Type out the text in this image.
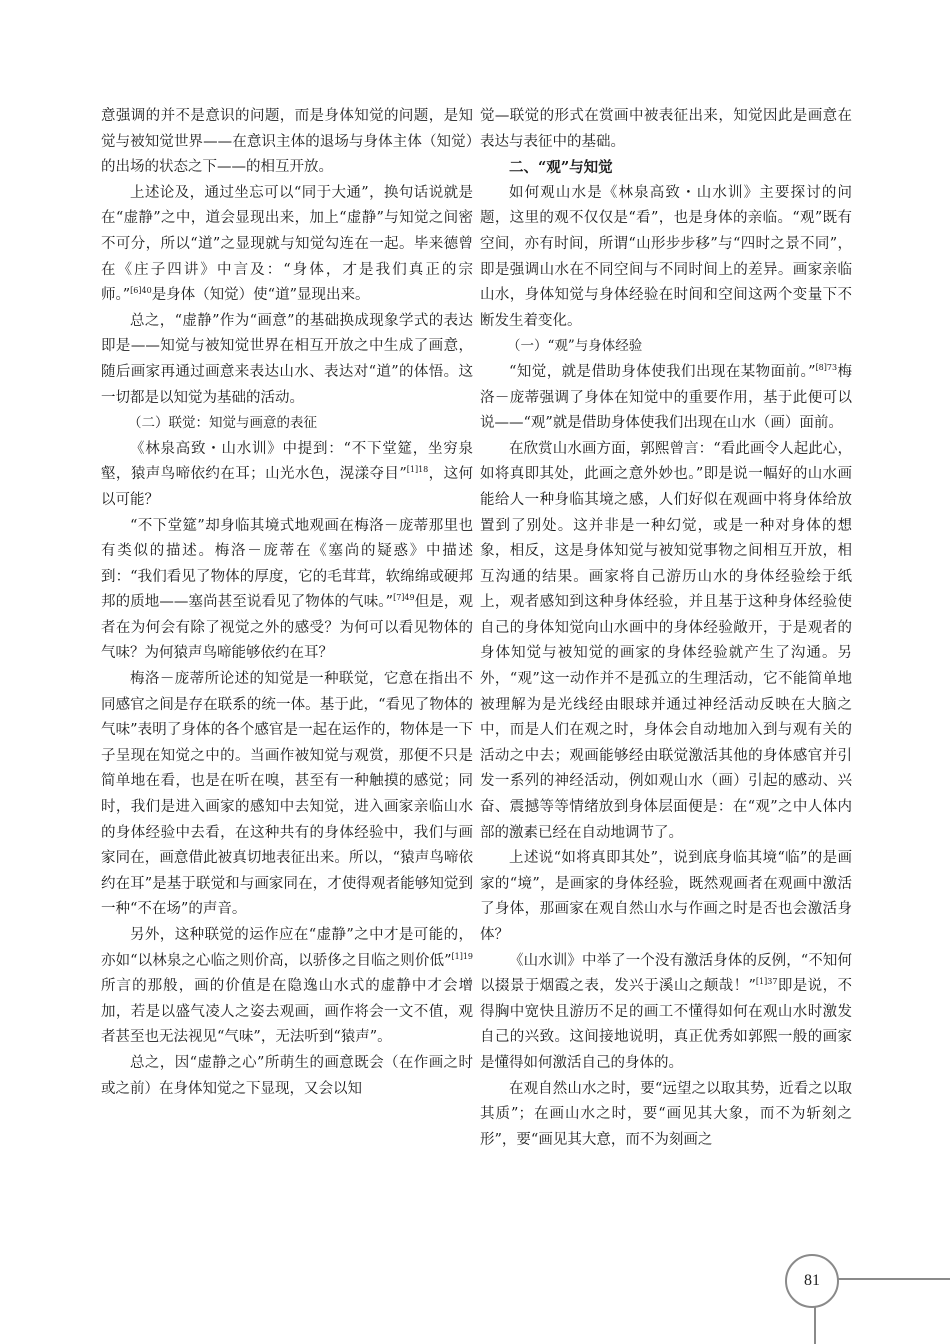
意强调的并不是意识的问题，而是身体知觉的问题，是知觉与被知觉世界——在意识主体的退场与身体主体（知觉）的出场的状态之下——的相互开放。

上述论及，通过坐忘可以“同于大通”，换句话说就是在“虚静”之中，道会显现出来，加上“虚静”与知觉之间密不可分，所以“道”之显现就与知觉勾连在一起。毕来德曾在《庄子四讲》中言及：“身体，才是我们真正的宗师。”$^{[6]40}$是身体（知觉）使“道”显现出来。

总之，“虚静”作为“画意”的基础换成现象学式的表达即是——知觉与被知觉世界在相互开放之中生成了画意，随后画家再通过画意来表达山水、表达对“道”的体悟。这一切都是以知觉为基础的活动。

（二）联觉：知觉与画意的表征

《林泉高致・山水训》中提到：“不下堂筵，坐穷泉壑，猿声鸟啼依约在耳；山光水色，滉漾夺目”$^{[1]18}$，这何以可能？

“不下堂筵”却身临其境式地观画在梅洛－庞蒂那里也有类似的描述。梅洛－庞蒂在《塞尚的疑惑》中描述到：“我们看见了物体的厚度，它的毛茸茸，软绵绵或硬邦邦的质地——塞尚甚至说看见了物体的气味。”$^{[7]49}$但是，观者在为何会有除了视觉之外的感受？为何可以看见物体的气味？为何猿声鸟啼能够依约在耳？

梅洛－庞蒂所论述的知觉是一种联觉，它意在指出不同感官之间是存在联系的统一体。基于此，“看见了物体的气味”表明了身体的各个感官是一起在运作的，物体是一下子呈现在知觉之中的。当画作被知觉与观赏，那便不只是简单地在看，也是在听在嗅，甚至有一种触摸的感觉；同时，我们是进入画家的感知中去知觉，进入画家亲临山水的身体经验中去看，在这种共有的身体经验中，我们与画家同在，画意借此被真切地表征出来。所以，“猿声鸟啼依约在耳”是基于联觉和与画家同在，才使得观者能够知觉到一种“不在场”的声音。

另外，这种联觉的运作应在“虚静”之中才是可能的，亦如“以林泉之心临之则价高，以骄侈之目临之则价低”$^{[1]19}$所言的那般，画的价值是在隐逸山水式的虚静中才会增加，若是以盛气凌人之姿去观画，画作将会一文不值，观者甚至也无法视见“气味”，无法听到“猿声”。

总之，因“虚静之心”所萌生的画意既会（在作画之时或之前）在身体知觉之下显现，又会以知

觉—联觉的形式在赏画中被表征出来，知觉因此是画意在表达与表征中的基础。

二、“观”与知觉

如何观山水是《林泉高致・山水训》主要探讨的问题，这里的观不仅仅是“看”，也是身体的亲临。“观”既有空间，亦有时间，所谓“山形步步移”与“四时之景不同”，即是强调山水在不同空间与不同时间上的差异。画家亲临山水，身体知觉与身体经验在时间和空间这两个变量下不断发生着变化。

（一）“观”与身体经验

“知觉，就是借助身体使我们出现在某物面前。”$^{[8]73}$梅洛－庞蒂强调了身体在知觉中的重要作用，基于此便可以说——“观”就是借助身体使我们出现在山水（画）面前。

在欣赏山水画方面，郭熙曾言：“看此画令人起此心，如将真即其处，此画之意外妙也。”即是说一幅好的山水画能给人一种身临其境之感，人们好似在观画中将身体给放置到了别处。这并非是一种幻觉，或是一种对身体的想象，相反，这是身体知觉与被知觉事物之间相互开放，相互沟通的结果。画家将自己游历山水的身体经验绘于纸上，观者感知到这种身体经验，并且基于这种身体经验使自己的身体知觉向山水画中的身体经验敞开，于是观者的身体知觉与被知觉的画家的身体经验就产生了沟通。另外，“观”这一动作并不是孤立的生理活动，它不能简单地被理解为是光线经由眼球并通过神经活动反映在大脑之中，而是人们在观之时，身体会自动地加入到与观有关的活动之中去；观画能够经由联觉激活其他的身体感官并引发一系列的神经活动，例如观山水（画）引起的感动、兴奋、震撼等等情绪放到身体层面便是：在“观”之中人体内部的激素已经在自动地调节了。

上述说“如将真即其处”，说到底身临其境“临”的是画家的“境”，是画家的身体经验，既然观画者在观画中激活了身体，那画家在观自然山水与作画之时是否也会激活身体？

《山水训》中举了一个没有激活身体的反例，“不知何以掇景于烟霞之表，发兴于溪山之颠哉！”$^{[1]37}$即是说，不得胸中宽快且游历不足的画工不懂得如何在观山水时激发自己的兴致。这间接地说明，真正优秀如郭熙一般的画家是懂得如何激活自己的身体的。

在观自然山水之时，要“远望之以取其势，近看之以取其质”；在画山水之时，要“画见其大象，而不为斩刻之形”，要“画见其大意，而不为刻画之

81
